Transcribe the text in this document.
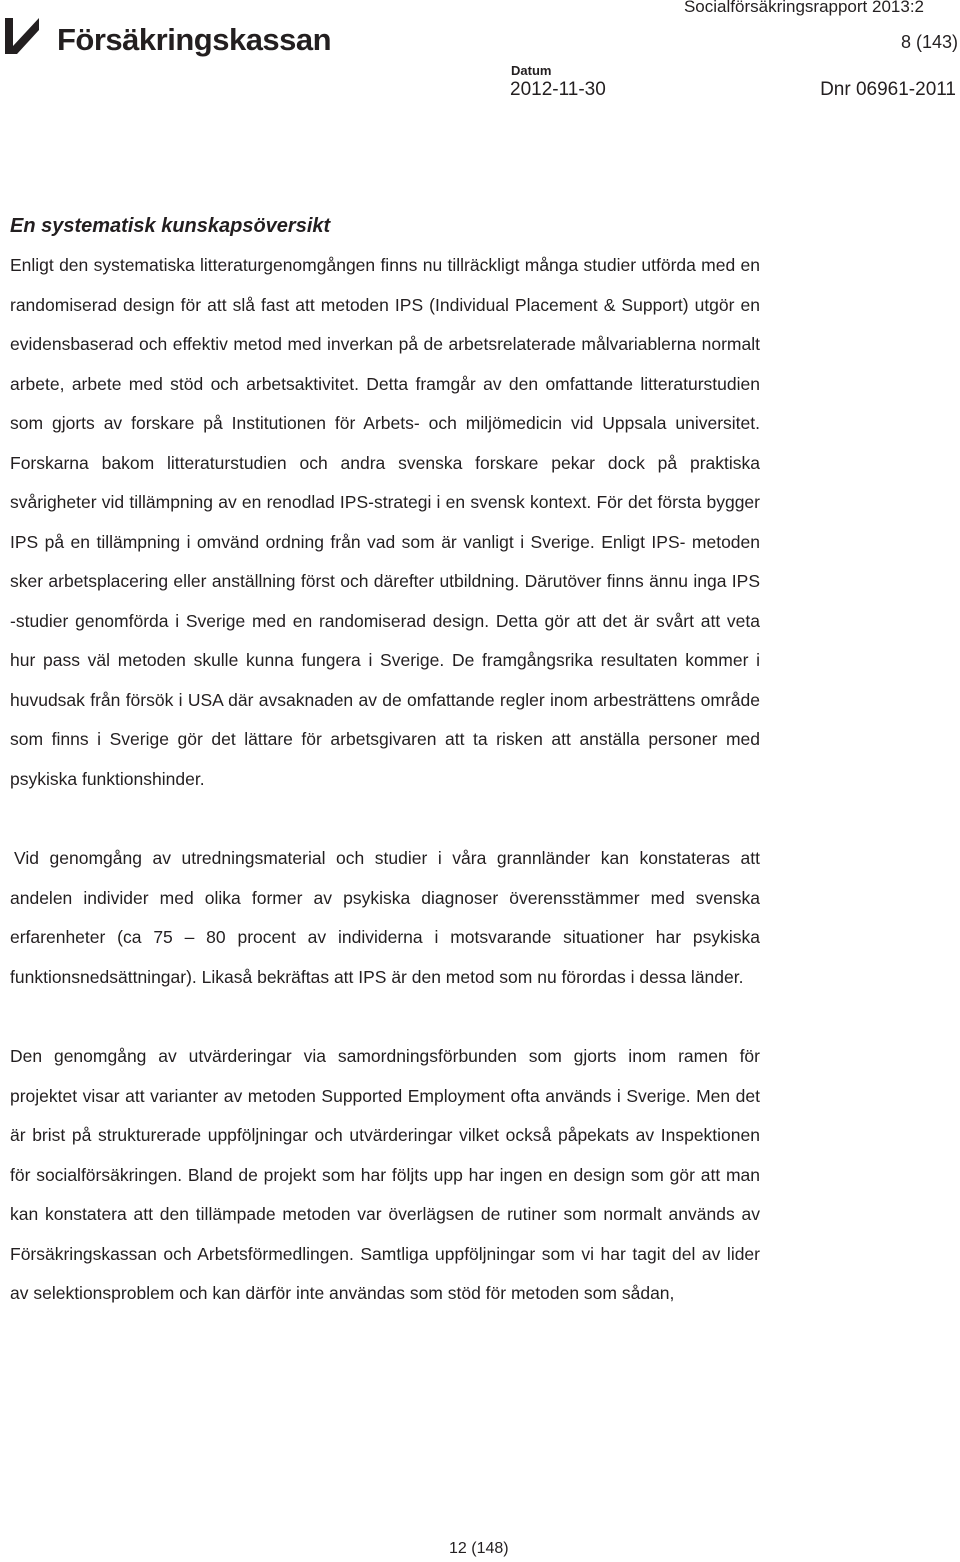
Försäkringskassan
Socialförsäkringsrapport 2013:2
8 (143)
Datum
2012-11-30	Dnr 06961-2011
En systematisk kunskapsöversikt

Enligt den systematiska litteraturgenomgången finns nu tillräckligt många studier utförda med en randomiserad design för att slå fast att metoden IPS (Individual Placement & Support) utgör en evidensbaserad och effektiv metod med inverkan på de arbetsrelaterade målvariablerna normalt arbete, arbete med stöd och arbetsaktivitet. Detta framgår av den omfattande litteraturstudien som gjorts av forskare på Institutionen för Arbets- och miljömedicin vid Uppsala universitet. Forskarna bakom litteraturstudien och andra svenska forskare pekar dock på praktiska svårigheter vid tillämpning av en renodlad IPS-strategi i en svensk kontext. För det första bygger IPS på en tillämpning i omvänd ordning från vad som är vanligt i Sverige. Enligt IPS- metoden sker arbetsplacering eller anställning först och därefter utbildning. Därutöver finns ännu inga IPS -studier genomförda i Sverige med en randomiserad design. Detta gör att det är svårt att veta hur pass väl metoden skulle kunna fungera i Sverige. De framgångsrika resultaten kommer i huvudsak från försök i USA där avsaknaden av de omfattande regler inom arbesträttens område som finns i Sverige gör det lättare för arbetsgivaren att ta risken att anställa personer med psykiska funktionshinder.

Vid genomgång av utredningsmaterial och studier i våra grannländer kan konstateras att andelen individer med olika former av psykiska diagnoser överensstämmer med svenska erfarenheter (ca 75 – 80 procent av individerna i motsvarande situationer har psykiska funktionsnedsättningar). Likaså bekräftas att IPS är den metod som nu förordas i dessa länder.

Den genomgång av utvärderingar via samordningsförbunden som gjorts inom ramen för projektet visar att varianter av metoden Supported Employment ofta används i Sverige. Men det är brist på strukturerade uppföljningar och utvärderingar vilket också påpekats av Inspektionen för socialförsäkringen. Bland de projekt som har följts upp har ingen en design som gör att man kan konstatera att den tillämpade metoden var överlägsen de rutiner som normalt används av Försäkringskassan och Arbetsförmedlingen. Samtliga uppföljningar som vi har tagit del av lider av selektionsproblem och kan därför inte användas som stöd för metoden som sådan,

12 (148)
